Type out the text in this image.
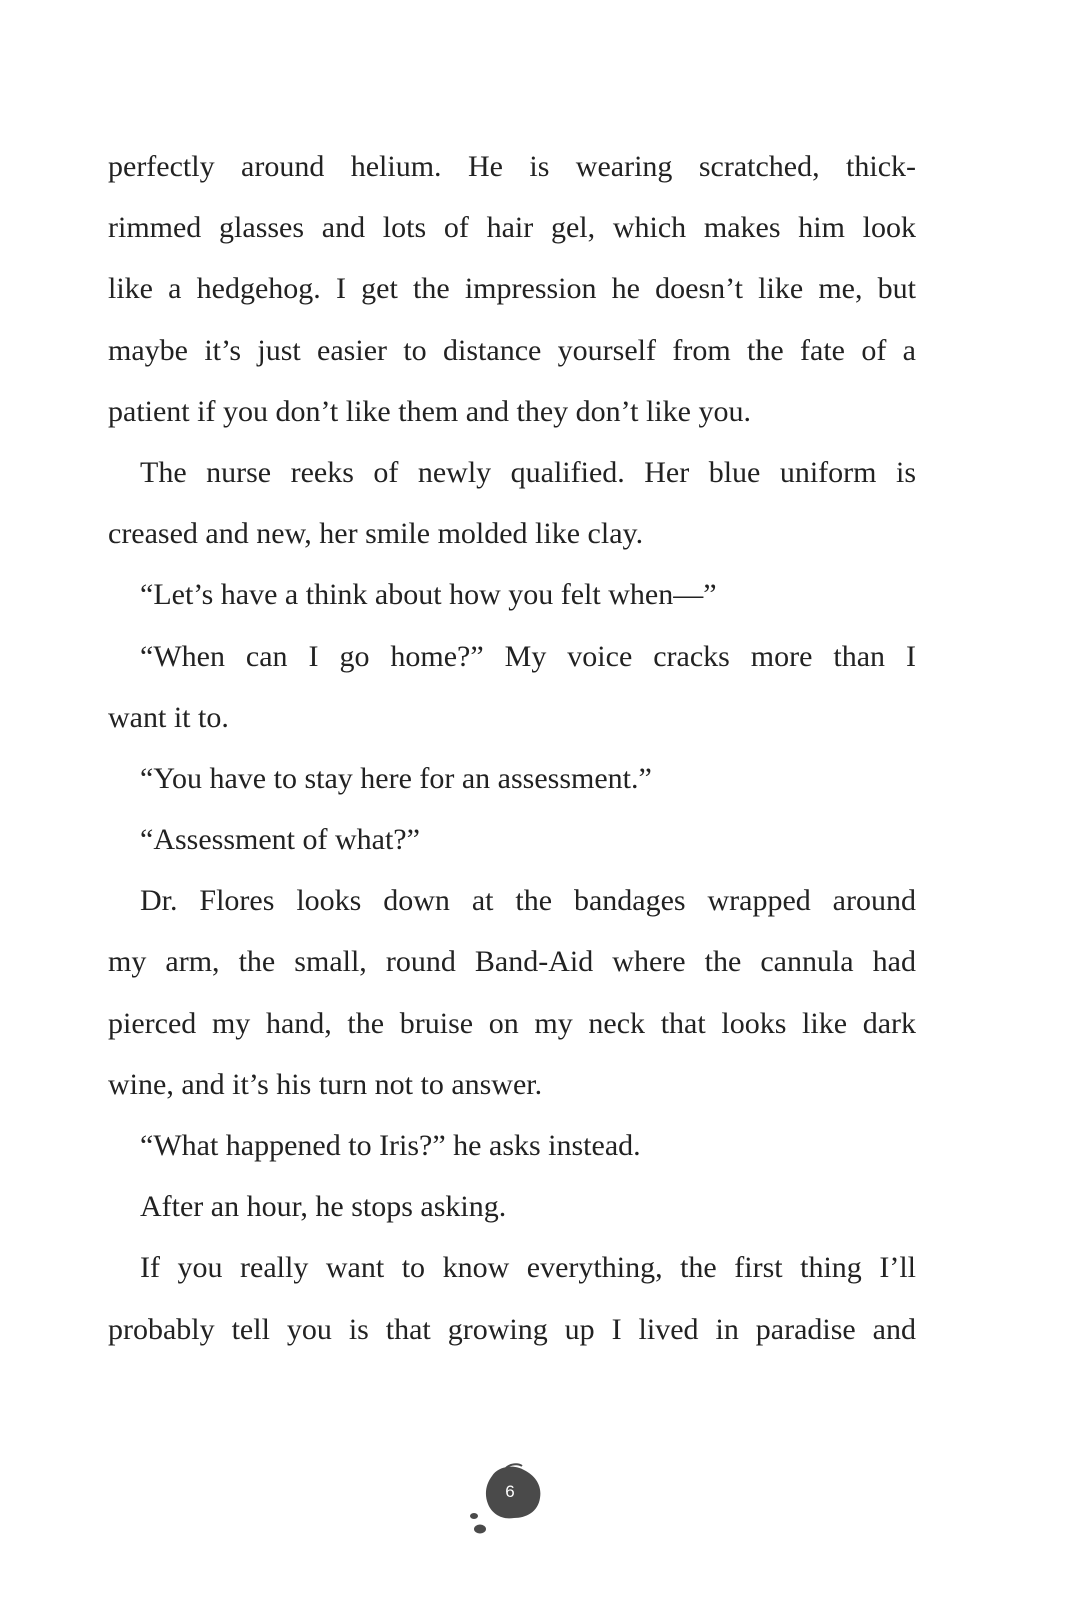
perfectly around helium. He is wearing scratched, thick-
rimmed glasses and lots of hair gel, which makes him look
like a hedgehog. I get the impression he doesn’t like me, but
maybe it’s just easier to distance yourself from the fate of a
patient if you don’t like them and they don’t like you.
The nurse reeks of newly qualified. Her blue uniform is
creased and new, her smile molded like clay.
“Let’s have a think about how you felt when—”
“When can I go home?” My voice cracks more than I
want it to.
“You have to stay here for an assessment.”
“Assessment of what?”
Dr. Flores looks down at the bandages wrapped around
my arm, the small, round Band-Aid where the cannula had
pierced my hand, the bruise on my neck that looks like dark
wine, and it’s his turn not to answer.
“What happened to Iris?” he asks instead.
After an hour, he stops asking.
If you really want to know everything, the first thing I’ll
probably tell you is that growing up I lived in paradise and
6
